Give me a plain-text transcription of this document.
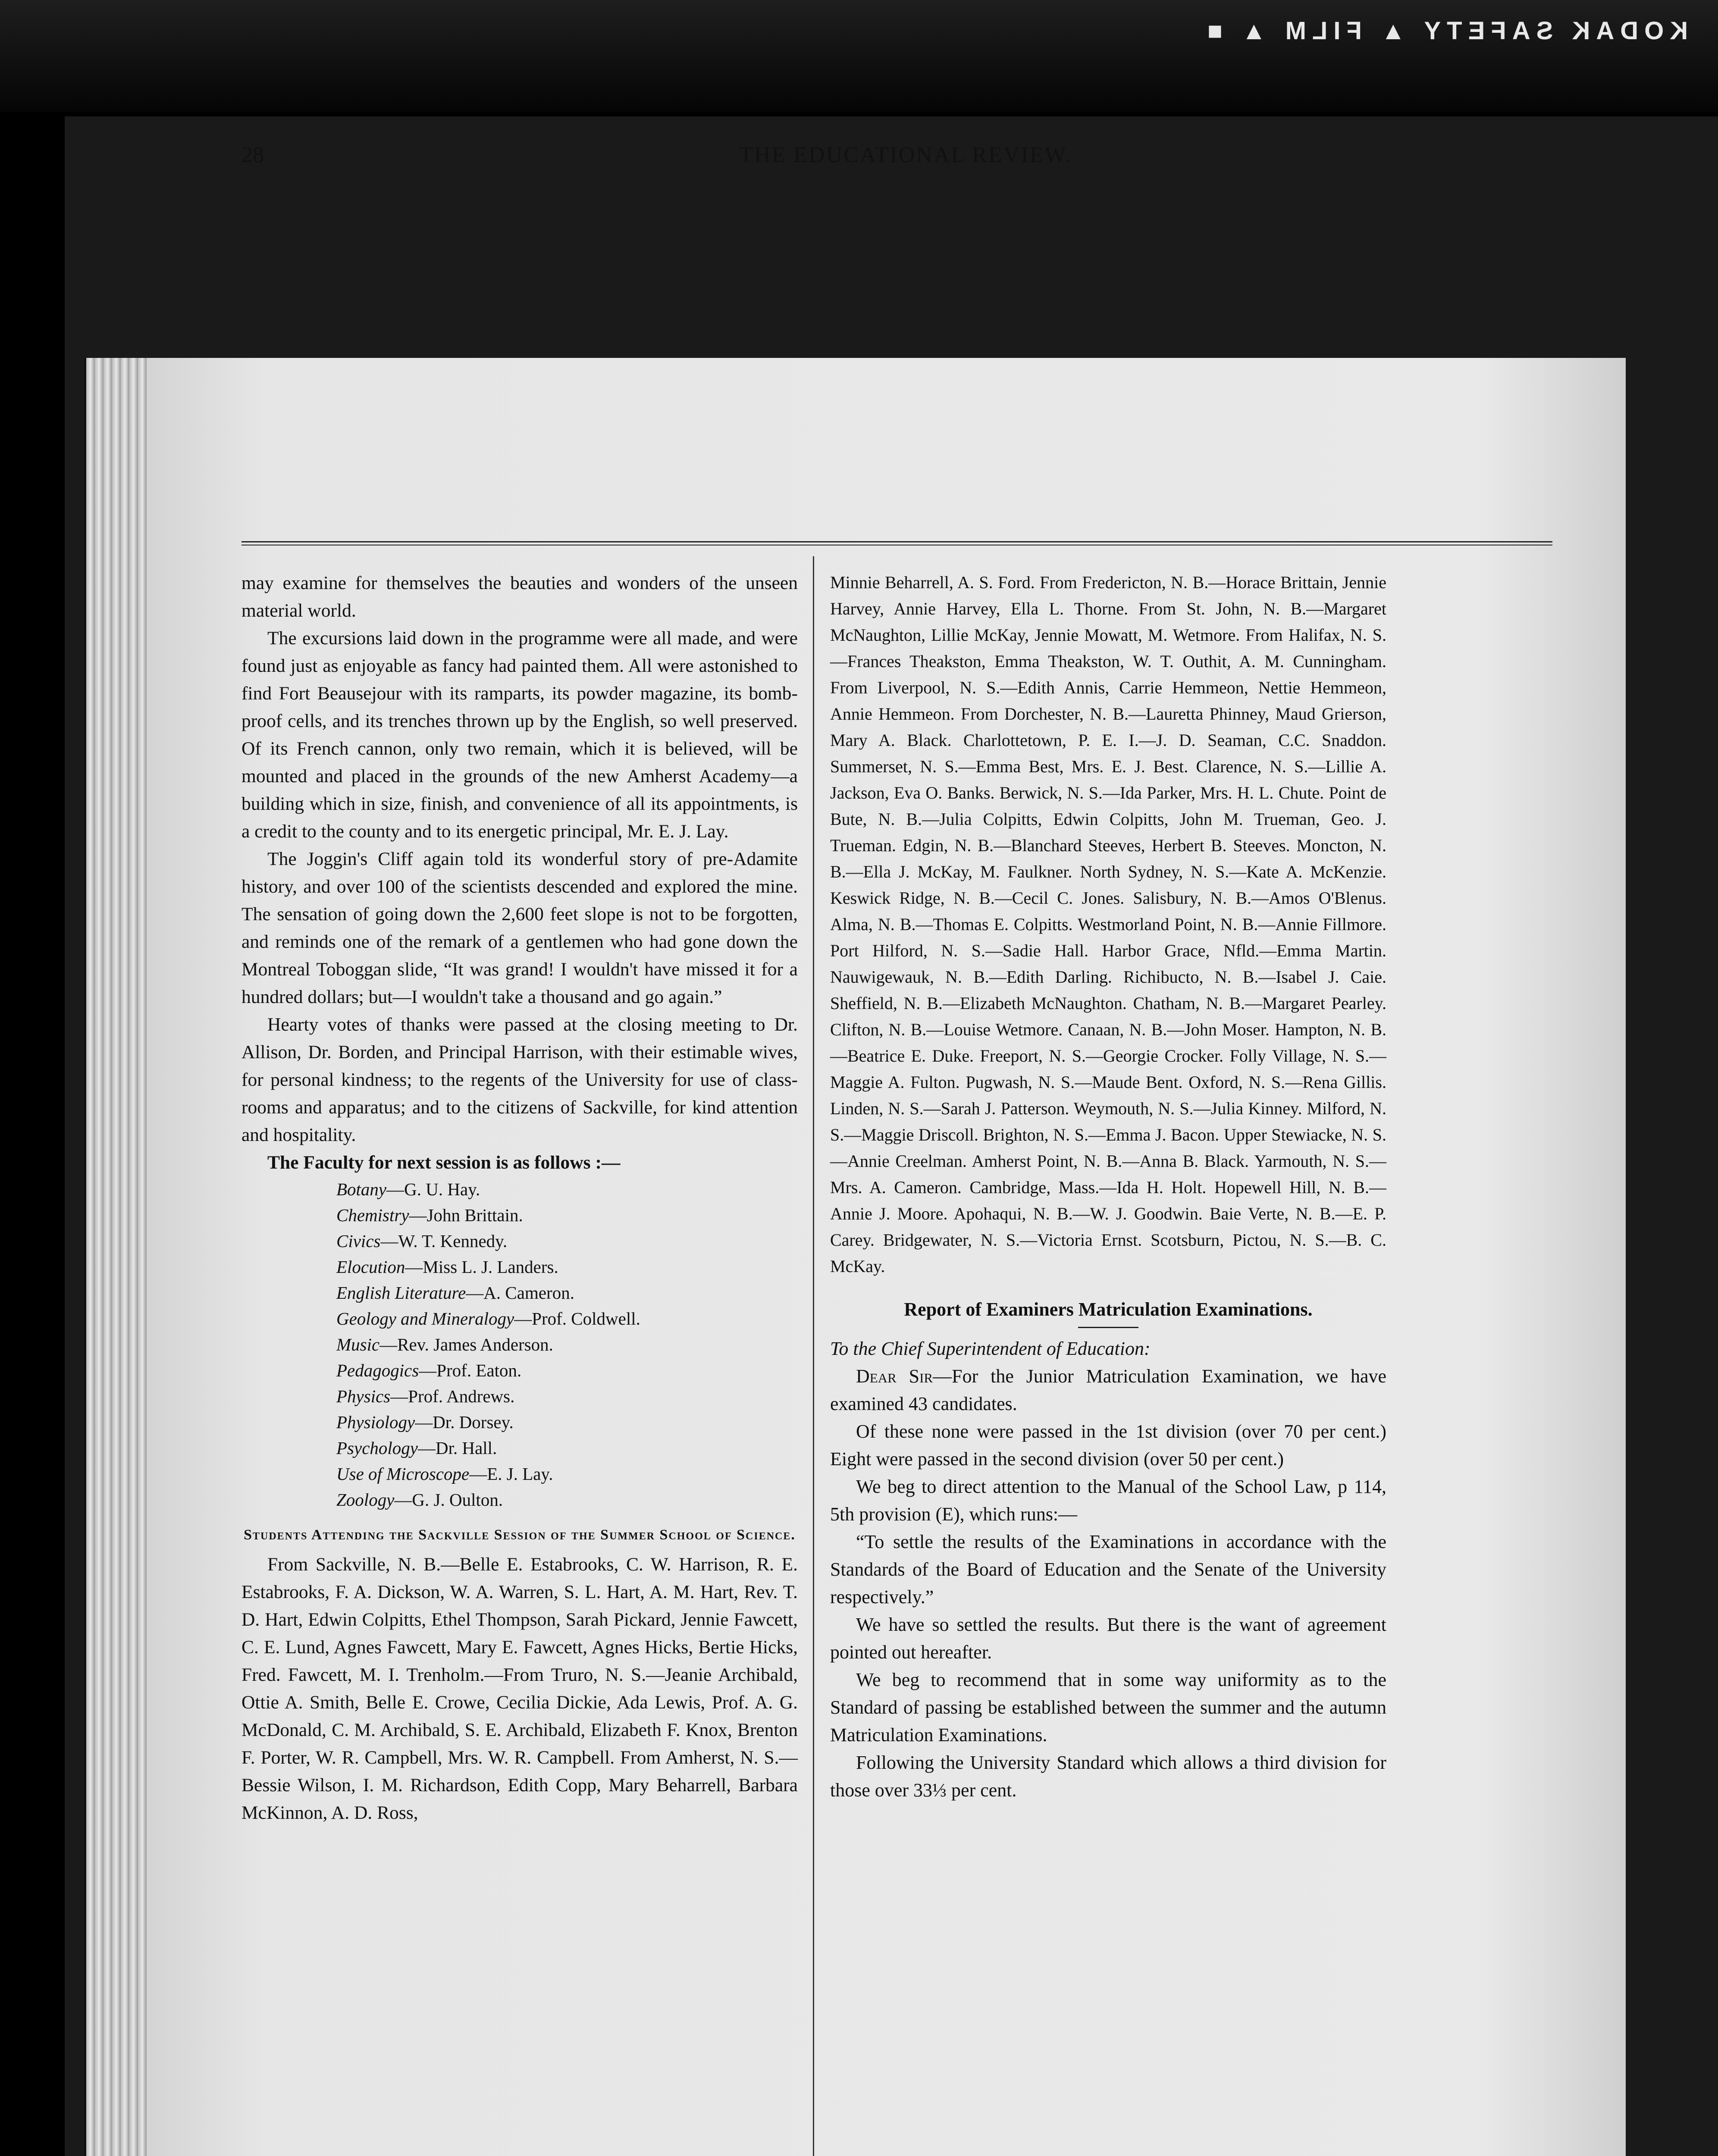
KODAK SAFETY ▲ FILM ▲ ■
28	THE EDUCATIONAL REVIEW.

may examine for themselves the beauties and wonders of the unseen material world.

The excursions laid down in the programme were all made, and were found just as enjoyable as fancy had painted them. All were astonished to find Fort Beausejour with its ramparts, its powder magazine, its bomb-proof cells, and its trenches thrown up by the English, so well preserved. Of its French cannon, only two remain, which it is believed, will be mounted and placed in the grounds of the new Amherst Academy—a building which in size, finish, and convenience of all its appointments, is a credit to the county and to its energetic principal, Mr. E. J. Lay.

The Joggin's Cliff again told its wonderful story of pre-Adamite history, and over 100 of the scientists descended and explored the mine. The sensation of going down the 2,600 feet slope is not to be forgotten, and reminds one of the remark of a gentlemen who had gone down the Montreal Toboggan slide, “It was grand! I wouldn't have missed it for a hundred dollars; but—I wouldn't take a thousand and go again.”

Hearty votes of thanks were passed at the closing meeting to Dr. Allison, Dr. Borden, and Principal Harrison, with their estimable wives, for personal kindness; to the regents of the University for use of class-rooms and apparatus; and to the citizens of Sackville, for kind attention and hospitality.

The Faculty for next session is as follows :—

Botany—G. U. Hay.
Chemistry—John Brittain.
Civics—W. T. Kennedy.
Elocution—Miss L. J. Landers.
English Literature—A. Cameron.
Geology and Mineralogy—Prof. Coldwell.
Music—Rev. James Anderson.
Pedagogics—Prof. Eaton.
Physics—Prof. Andrews.
Physiology—Dr. Dorsey.
Psychology—Dr. Hall.
Use of Microscope—E. J. Lay.
Zoology—G. J. Oulton.
Students Attending the Sackville Session of the Summer School of Science.

From Sackville, N. B.—Belle E. Estabrooks, C. W. Harrison, R. E. Estabrooks, F. A. Dickson, W. A. Warren, S. L. Hart, A. M. Hart, Rev. T. D. Hart, Edwin Colpitts, Ethel Thompson, Sarah Pickard, Jennie Fawcett, C. E. Lund, Agnes Fawcett, Mary E. Fawcett, Agnes Hicks, Bertie Hicks, Fred. Fawcett, M. I. Trenholm.—From Truro, N. S.—Jeanie Archibald, Ottie A. Smith, Belle E. Crowe, Cecilia Dickie, Ada Lewis, Prof. A. G. McDonald, C. M. Archibald, S. E. Archibald, Elizabeth F. Knox, Brenton F. Porter, W. R. Campbell, Mrs. W. R. Campbell. From Amherst, N. S.—Bessie Wilson, I. M. Richardson, Edith Copp, Mary Beharrell, Barbara McKinnon, A. D. Ross,

Minnie Beharrell, A. S. Ford. From Fredericton, N. B.—Horace Brittain, Jennie Harvey, Annie Harvey, Ella L. Thorne. From St. John, N. B.—Margaret McNaughton, Lillie McKay, Jennie Mowatt, M. Wetmore. From Halifax, N. S.—Frances Theakston, Emma Theakston, W. T. Outhit, A. M. Cunningham. From Liverpool, N. S.—Edith Annis, Carrie Hemmeon, Nettie Hemmeon, Annie Hemmeon. From Dorchester, N. B.—Lauretta Phinney, Maud Grierson, Mary A. Black. Charlottetown, P. E. I.—J. D. Seaman, C.C. Snaddon. Summerset, N. S.—Emma Best, Mrs. E. J. Best. Clarence, N. S.—Lillie A. Jackson, Eva O. Banks. Berwick, N. S.—Ida Parker, Mrs. H. L. Chute. Point de Bute, N. B.—Julia Colpitts, Edwin Colpitts, John M. Trueman, Geo. J. Trueman. Edgin, N. B.—Blanchard Steeves, Herbert B. Steeves. Moncton, N. B.—Ella J. McKay, M. Faulkner. North Sydney, N. S.—Kate A. McKenzie. Keswick Ridge, N. B.—Cecil C. Jones. Salisbury, N. B.—Amos O'Blenus. Alma, N. B.—Thomas E. Colpitts. Westmorland Point, N. B.—Annie Fillmore. Port Hilford, N. S.—Sadie Hall. Harbor Grace, Nfld.—Emma Martin. Nauwigewauk, N. B.—Edith Darling. Richibucto, N. B.—Isabel J. Caie. Sheffield, N. B.—Elizabeth McNaughton. Chatham, N. B.—Margaret Pearley. Clifton, N. B.—Louise Wetmore. Canaan, N. B.—John Moser. Hampton, N. B.—Beatrice E. Duke. Freeport, N. S.—Georgie Crocker. Folly Village, N. S.—Maggie A. Fulton. Pugwash, N. S.—Maude Bent. Oxford, N. S.—Rena Gillis. Linden, N. S.—Sarah J. Patterson. Weymouth, N. S.—Julia Kinney. Milford, N. S.—Maggie Driscoll. Brighton, N. S.—Emma J. Bacon. Upper Stewiacke, N. S.—Annie Creelman. Amherst Point, N. B.—Anna B. Black. Yarmouth, N. S.—Mrs. A. Cameron. Cambridge, Mass.—Ida H. Holt. Hopewell Hill, N. B.—Annie J. Moore. Apohaqui, N. B.—W. J. Goodwin. Baie Verte, N. B.—E. P. Carey. Bridgewater, N. S.—Victoria Ernst. Scotsburn, Pictou, N. S.—B. C. McKay.

Report of Examiners Matriculation Examinations.

To the Chief Superintendent of Education:

Dear Sir—For the Junior Matriculation Examination, we have examined 43 candidates.

Of these none were passed in the 1st division (over 70 per cent.) Eight were passed in the second division (over 50 per cent.)

We beg to direct attention to the Manual of the School Law, p 114, 5th provision (E), which runs:—

“To settle the results of the Examinations in accordance with the Standards of the Board of Education and the Senate of the University respectively.”

We have so settled the results. But there is the want of agreement pointed out hereafter.

We beg to recommend that in some way uniformity as to the Standard of passing be established between the summer and the autumn Matriculation Examinations.

Following the University Standard which allows a third division for those over 33⅓ per cent.
